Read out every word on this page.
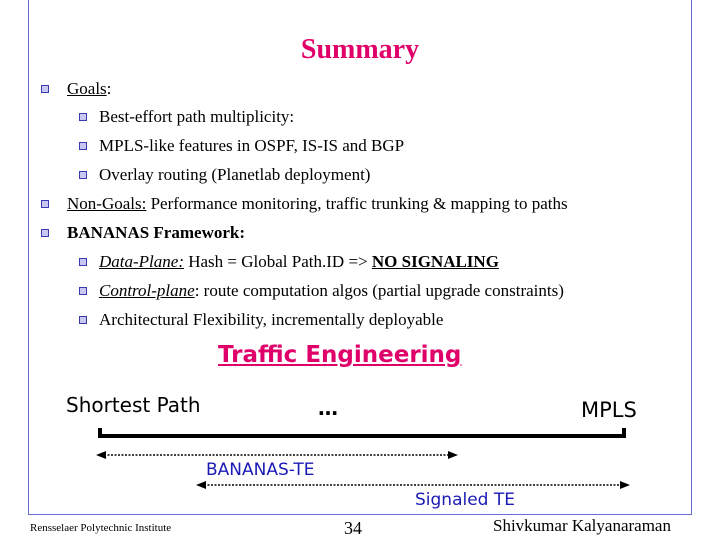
Summary
Goals:
Best-effort path multiplicity:
MPLS-like features in OSPF, IS-IS and BGP
Overlay routing (Planetlab deployment)
Non-Goals: Performance monitoring, traffic trunking & mapping to paths
BANANAS Framework:
Data-Plane: Hash = Global Path.ID => NO SIGNALING
Control-plane: route computation algos (partial upgrade constraints)
Architectural Flexibility, incrementally deployable
Traffic Engineering
Shortest Path	…	MPLS
BANANAS-TE
Signaled TE
Rensselaer Polytechnic Institute	34	Shivkumar Kalyanaraman
